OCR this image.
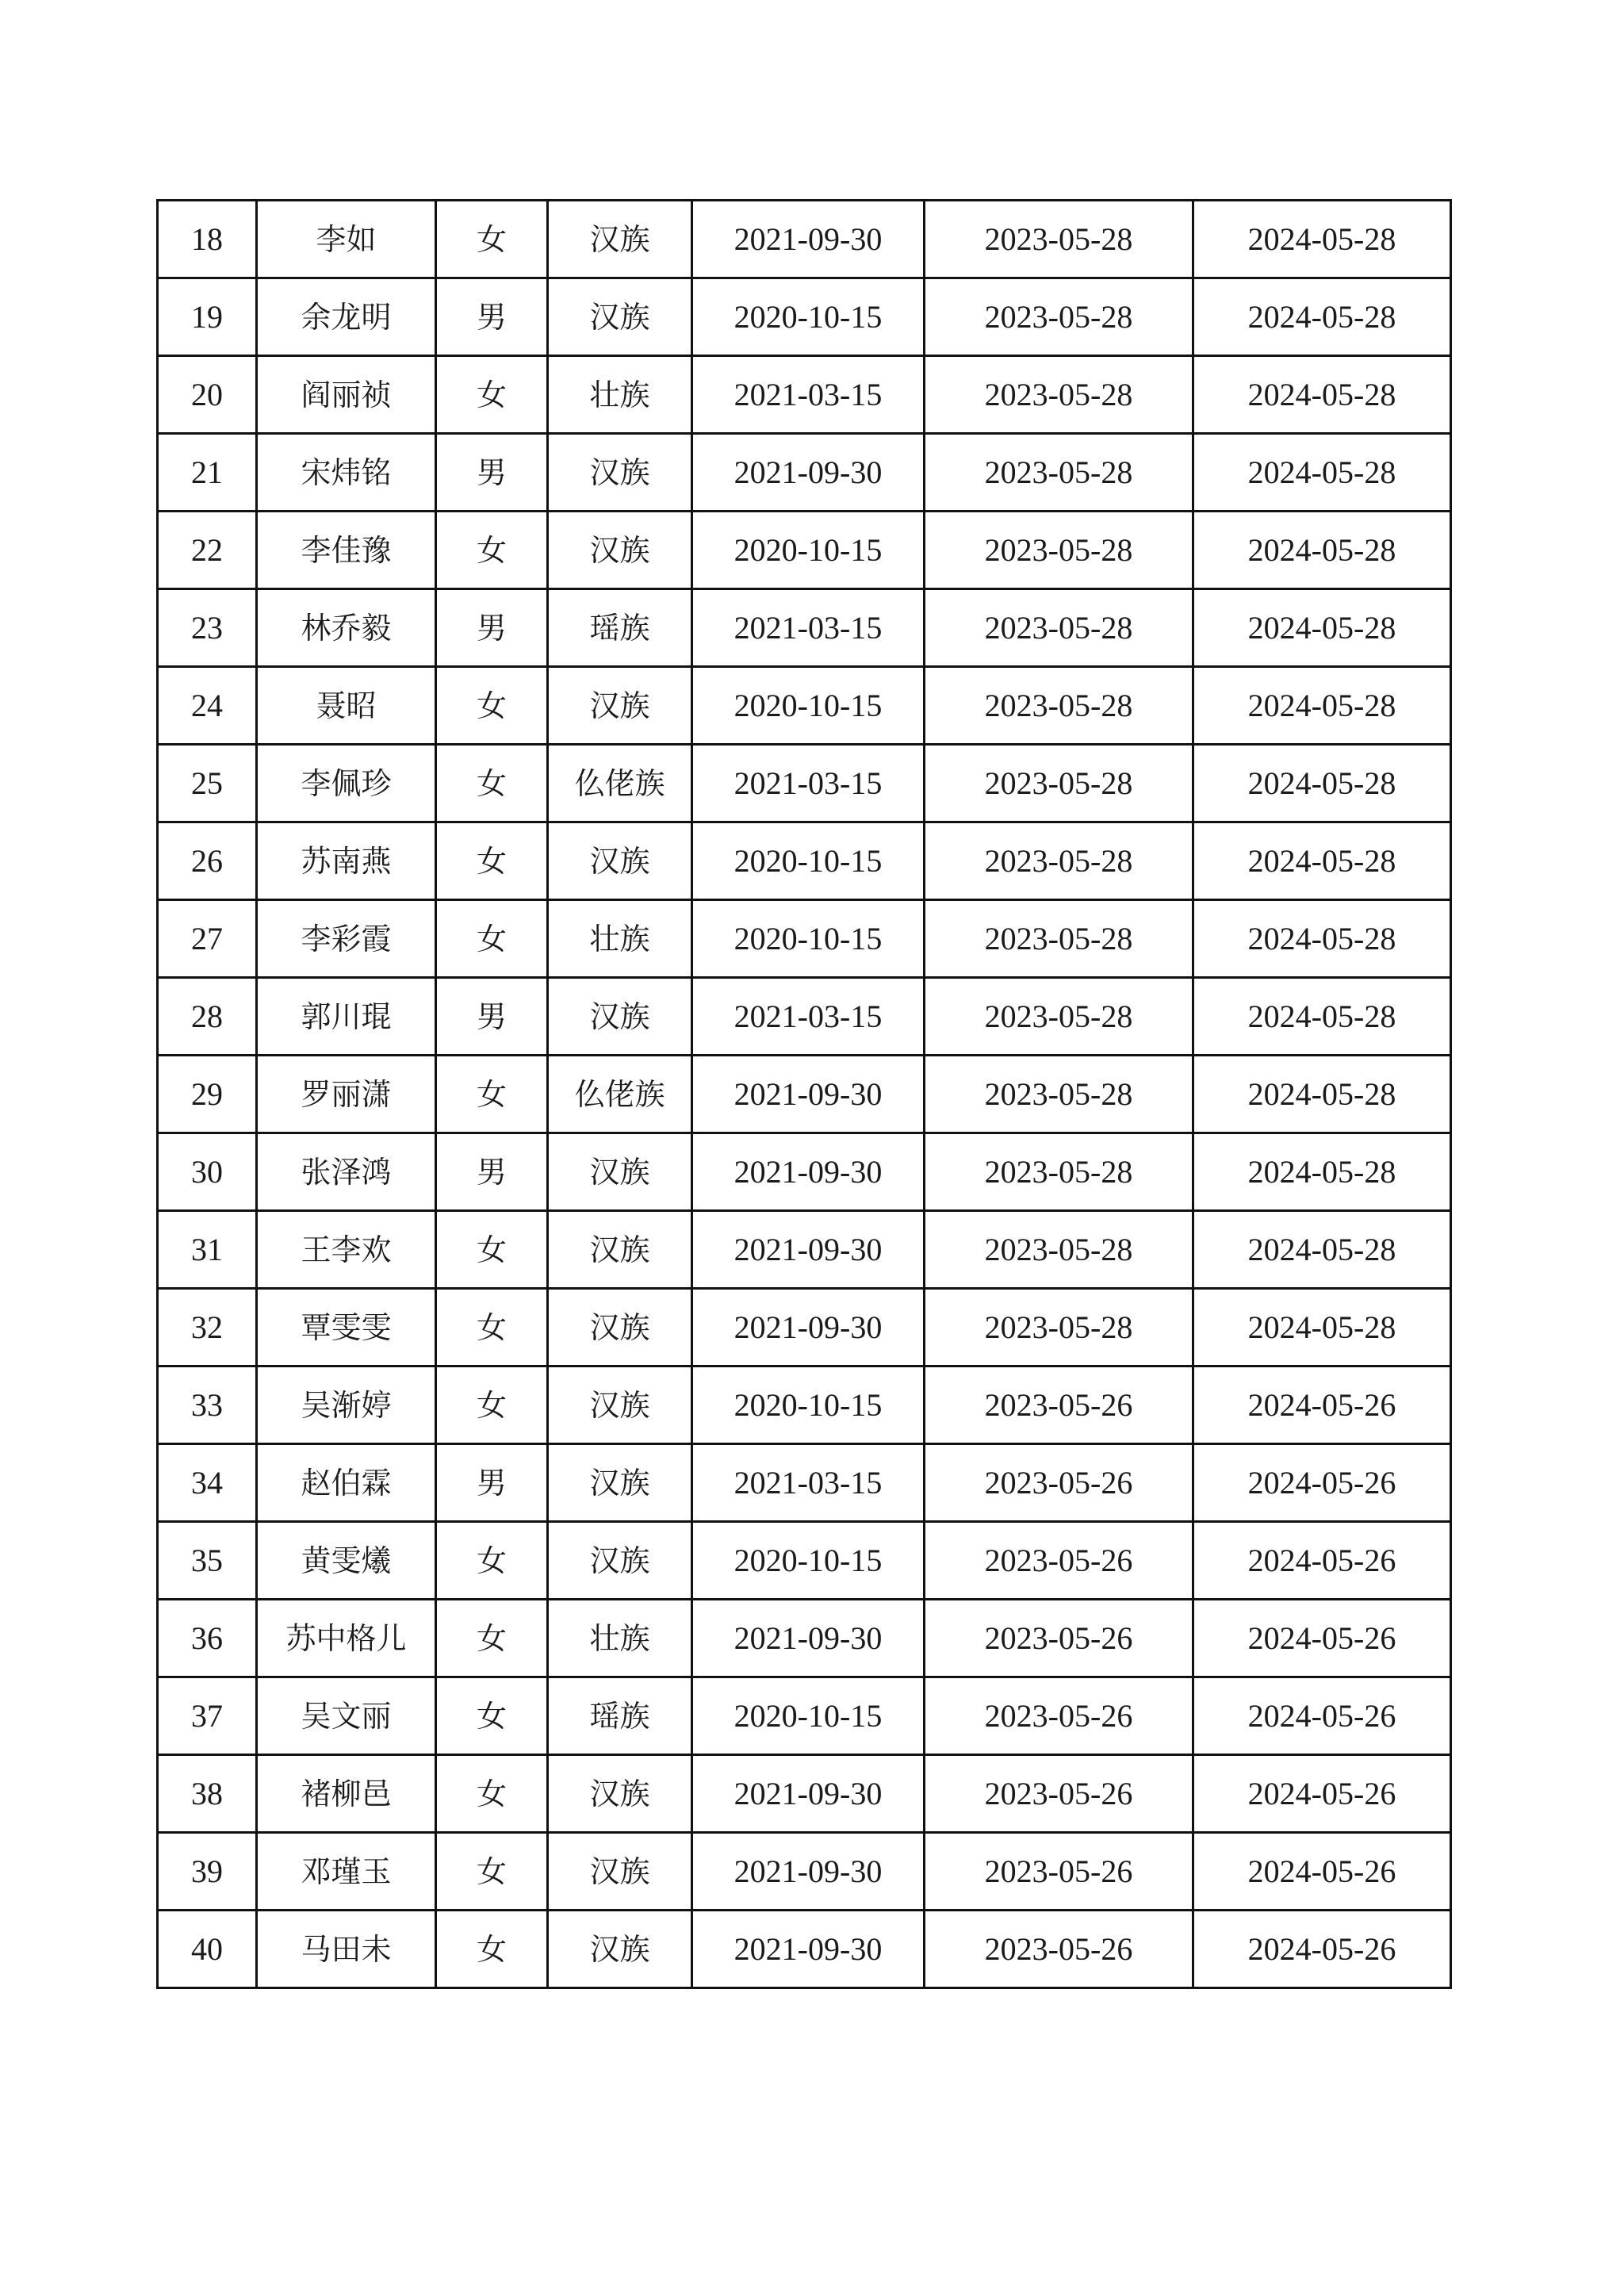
18	李如	女	汉族	2021-09-30	2023-05-28	2024-05-28
19	余龙明	男	汉族	2020-10-15	2023-05-28	2024-05-28
20	阎丽祯	女	壮族	2021-03-15	2023-05-28	2024-05-28
21	宋炜铭	男	汉族	2021-09-30	2023-05-28	2024-05-28
22	李佳豫	女	汉族	2020-10-15	2023-05-28	2024-05-28
23	林乔毅	男	瑶族	2021-03-15	2023-05-28	2024-05-28
24	聂昭	女	汉族	2020-10-15	2023-05-28	2024-05-28
25	李佩珍	女	仫佬族	2021-03-15	2023-05-28	2024-05-28
26	苏南燕	女	汉族	2020-10-15	2023-05-28	2024-05-28
27	李彩霞	女	壮族	2020-10-15	2023-05-28	2024-05-28
28	郭川琨	男	汉族	2021-03-15	2023-05-28	2024-05-28
29	罗丽潇	女	仫佬族	2021-09-30	2023-05-28	2024-05-28
30	张泽鸿	男	汉族	2021-09-30	2023-05-28	2024-05-28
31	王李欢	女	汉族	2021-09-30	2023-05-28	2024-05-28
32	覃雯雯	女	汉族	2021-09-30	2023-05-28	2024-05-28
33	吴渐婷	女	汉族	2020-10-15	2023-05-26	2024-05-26
34	赵伯霖	男	汉族	2021-03-15	2023-05-26	2024-05-26
35	黄雯爔	女	汉族	2020-10-15	2023-05-26	2024-05-26
36	苏中格儿	女	壮族	2021-09-30	2023-05-26	2024-05-26
37	吴文丽	女	瑶族	2020-10-15	2023-05-26	2024-05-26
38	褚柳邑	女	汉族	2021-09-30	2023-05-26	2024-05-26
39	邓瑾玉	女	汉族	2021-09-30	2023-05-26	2024-05-26
40	马田未	女	汉族	2021-09-30	2023-05-26	2024-05-26
